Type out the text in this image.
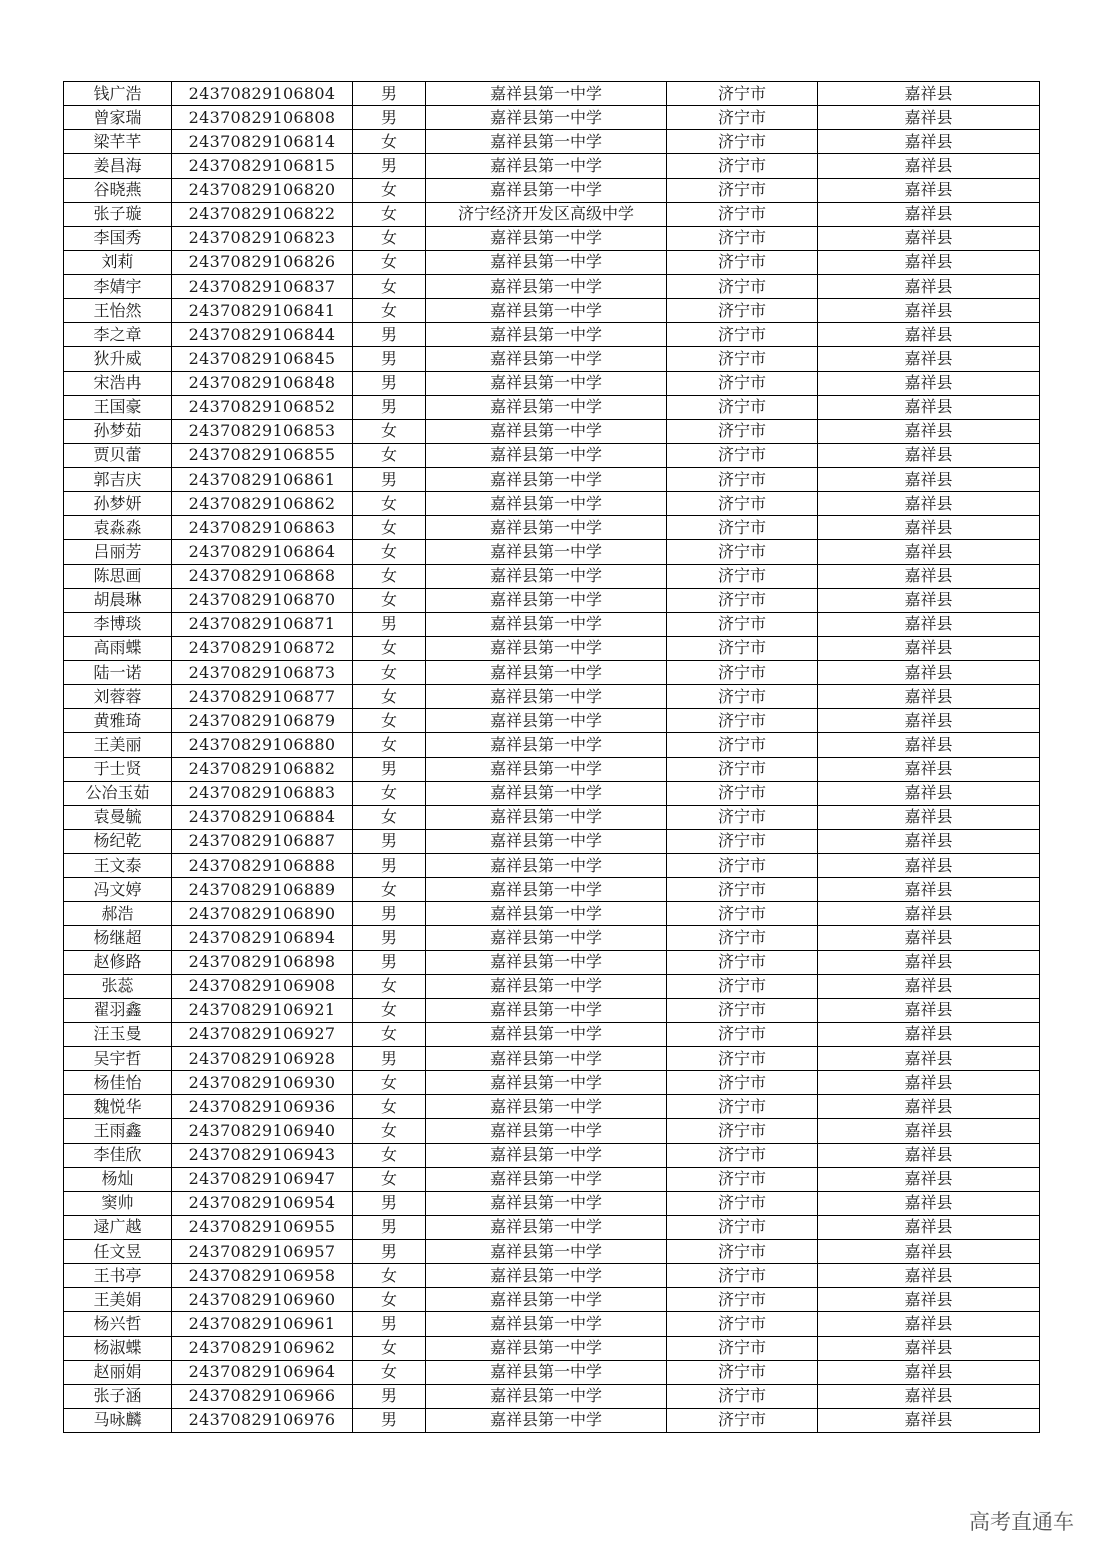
钱广浩	24370829106804	男	嘉祥县第一中学	济宁市	嘉祥县
曾家瑞	24370829106808	男	嘉祥县第一中学	济宁市	嘉祥县
梁芊芊	24370829106814	女	嘉祥县第一中学	济宁市	嘉祥县
姜昌海	24370829106815	男	嘉祥县第一中学	济宁市	嘉祥县
谷晓燕	24370829106820	女	嘉祥县第一中学	济宁市	嘉祥县
张子璇	24370829106822	女	济宁经济开发区高级中学	济宁市	嘉祥县
李国秀	24370829106823	女	嘉祥县第一中学	济宁市	嘉祥县
刘莉	24370829106826	女	嘉祥县第一中学	济宁市	嘉祥县
李婧宇	24370829106837	女	嘉祥县第一中学	济宁市	嘉祥县
王怡然	24370829106841	女	嘉祥县第一中学	济宁市	嘉祥县
李之章	24370829106844	男	嘉祥县第一中学	济宁市	嘉祥县
狄升威	24370829106845	男	嘉祥县第一中学	济宁市	嘉祥县
宋浩冉	24370829106848	男	嘉祥县第一中学	济宁市	嘉祥县
王国豪	24370829106852	男	嘉祥县第一中学	济宁市	嘉祥县
孙梦茹	24370829106853	女	嘉祥县第一中学	济宁市	嘉祥县
贾贝蕾	24370829106855	女	嘉祥县第一中学	济宁市	嘉祥县
郭吉庆	24370829106861	男	嘉祥县第一中学	济宁市	嘉祥县
孙梦妍	24370829106862	女	嘉祥县第一中学	济宁市	嘉祥县
袁淼淼	24370829106863	女	嘉祥县第一中学	济宁市	嘉祥县
吕丽芳	24370829106864	女	嘉祥县第一中学	济宁市	嘉祥县
陈思画	24370829106868	女	嘉祥县第一中学	济宁市	嘉祥县
胡晨琳	24370829106870	女	嘉祥县第一中学	济宁市	嘉祥县
李博琰	24370829106871	男	嘉祥县第一中学	济宁市	嘉祥县
高雨蝶	24370829106872	女	嘉祥县第一中学	济宁市	嘉祥县
陆一诺	24370829106873	女	嘉祥县第一中学	济宁市	嘉祥县
刘蓉蓉	24370829106877	女	嘉祥县第一中学	济宁市	嘉祥县
黄雅琦	24370829106879	女	嘉祥县第一中学	济宁市	嘉祥县
王美丽	24370829106880	女	嘉祥县第一中学	济宁市	嘉祥县
于士贤	24370829106882	男	嘉祥县第一中学	济宁市	嘉祥县
公冶玉茹	24370829106883	女	嘉祥县第一中学	济宁市	嘉祥县
袁曼毓	24370829106884	女	嘉祥县第一中学	济宁市	嘉祥县
杨纪乾	24370829106887	男	嘉祥县第一中学	济宁市	嘉祥县
王文泰	24370829106888	男	嘉祥县第一中学	济宁市	嘉祥县
冯文婷	24370829106889	女	嘉祥县第一中学	济宁市	嘉祥县
郝浩	24370829106890	男	嘉祥县第一中学	济宁市	嘉祥县
杨继超	24370829106894	男	嘉祥县第一中学	济宁市	嘉祥县
赵修路	24370829106898	男	嘉祥县第一中学	济宁市	嘉祥县
张蕊	24370829106908	女	嘉祥县第一中学	济宁市	嘉祥县
翟羽鑫	24370829106921	女	嘉祥县第一中学	济宁市	嘉祥县
汪玉曼	24370829106927	女	嘉祥县第一中学	济宁市	嘉祥县
吴宇哲	24370829106928	男	嘉祥县第一中学	济宁市	嘉祥县
杨佳怡	24370829106930	女	嘉祥县第一中学	济宁市	嘉祥县
魏悦华	24370829106936	女	嘉祥县第一中学	济宁市	嘉祥县
王雨鑫	24370829106940	女	嘉祥县第一中学	济宁市	嘉祥县
李佳欣	24370829106943	女	嘉祥县第一中学	济宁市	嘉祥县
杨灿	24370829106947	女	嘉祥县第一中学	济宁市	嘉祥县
窦帅	24370829106954	男	嘉祥县第一中学	济宁市	嘉祥县
逯广越	24370829106955	男	嘉祥县第一中学	济宁市	嘉祥县
任文昱	24370829106957	男	嘉祥县第一中学	济宁市	嘉祥县
王书亭	24370829106958	女	嘉祥县第一中学	济宁市	嘉祥县
王美娟	24370829106960	女	嘉祥县第一中学	济宁市	嘉祥县
杨兴哲	24370829106961	男	嘉祥县第一中学	济宁市	嘉祥县
杨淑蝶	24370829106962	女	嘉祥县第一中学	济宁市	嘉祥县
赵丽娟	24370829106964	女	嘉祥县第一中学	济宁市	嘉祥县
张子涵	24370829106966	男	嘉祥县第一中学	济宁市	嘉祥县
马咏麟	24370829106976	男	嘉祥县第一中学	济宁市	嘉祥县
高考直通车
